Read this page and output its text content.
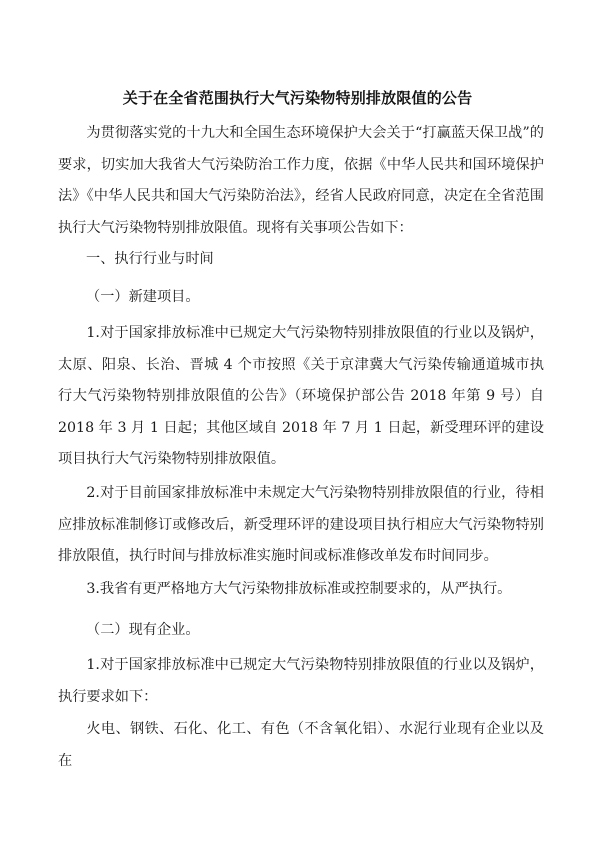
关于在全省范围执行大气污染物特别排放限值的公告

为贯彻落实党的十九大和全国生态环境保护大会关于“打赢蓝天保卫战”的要求，切实加大我省大气污染防治工作力度，依据《中华人民共和国环境保护法》《中华人民共和国大气污染防治法》，经省人民政府同意，决定在全省范围执行大气污染物特别排放限值。现将有关事项公告如下：

一、执行行业与时间

（一）新建项目。

1.对于国家排放标准中已规定大气污染物特别排放限值的行业以及锅炉，太原、阳泉、长治、晋城 4 个市按照《关于京津冀大气污染传输通道城市执行大气污染物特别排放限值的公告》（环境保护部公告 2018 年第 9 号）自 2018 年 3 月 1 日起；其他区域自 2018 年 7 月 1 日起，新受理环评的建设项目执行大气污染物特别排放限值。

2.对于目前国家排放标准中未规定大气污染物特别排放限值的行业，待相应排放标准制修订或修改后，新受理环评的建设项目执行相应大气污染物特别排放限值，执行时间与排放标准实施时间或标准修改单发布时间同步。

3.我省有更严格地方大气污染物排放标准或控制要求的，从严执行。

（二）现有企业。

1.对于国家排放标准中已规定大气污染物特别排放限值的行业以及锅炉，执行要求如下：

火电、钢铁、石化、化工、有色（不含氧化铝）、水泥行业现有企业以及在
